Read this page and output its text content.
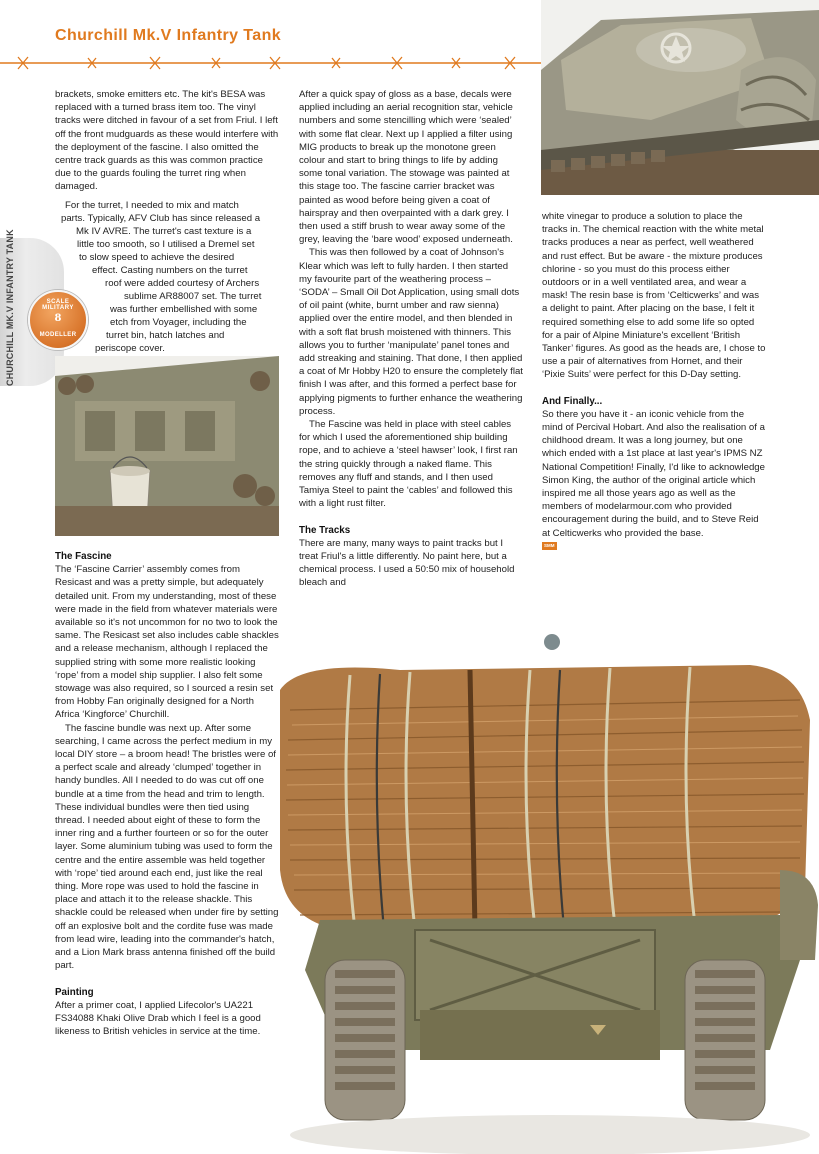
Churchill Mk.V Infantry Tank
CHURCHILL MK.V INFANTRY TANK	SCALE MILITARY
8
MODELLER

brackets, smoke emitters etc. The kit's BESA was replaced with a turned brass item too. The vinyl tracks were ditched in favour of a set from Friul. I left off the front mudguards as these would interfere with the deployment of the fascine. I also omitted the centre track guards as this was common practice due to the guards fouling the turret ring when damaged.

For the turret, I needed to mix and match
parts. Typically, AFV Club has since released a
Mk IV AVRE. The turret's cast texture is a
little too smooth, so I utilised a Dremel set
to slow speed to achieve the desired
effect. Casting numbers on the turret
roof were added courtesy of Archers
sublime AR88007 set. The turret
was further embellished with some
etch from Voyager, including the
turret bin, hatch latches and
periscope cover.
The Fascine

The ‘Fascine Carrier’ assembly comes from Resicast and was a pretty simple, but adequately detailed unit. From my understanding, most of these were made in the field from whatever materials were available so it's not uncommon for no two to look the same. The Resicast set also includes cable shackles and a release mechanism, although I replaced the supplied string with some more realistic looking ‘rope’ from a model ship supplier. I also felt some stowage was also required, so I sourced a resin set from Hobby Fan originally designed for a North Africa ‘Kingforce’ Churchill.

The fascine bundle was next up. After some searching, I came across the perfect medium in my local DIY store – a broom head! The bristles were of a perfect scale and already ‘clumped’ together in handy bundles. All I needed to do was cut off one bundle at a time from the head and trim to length. These individual bundles were then tied using thread. I needed about eight of these to form the inner ring and a further fourteen or so for the outer layer. Some aluminium tubing was used to form the centre and the entire assemble was held together with ‘rope’ tied around each end, just like the real thing. More rope was used to hold the fascine in place and attach it to the release shackle. This shackle could be released when under fire by setting off an explosive bolt and the cordite fuse was made from lead wire, leading into the commander's hatch, and a Lion Mark brass antenna finished off the build part.

Painting

After a primer coat, I applied Lifecolor's UA221 FS34088 Khaki Olive Drab which I feel is a good likeness to British vehicles in service at the time.

After a quick spay of gloss as a base, decals were applied including an aerial recognition star, vehicle numbers and some stencilling which were ‘sealed’ with some flat clear. Next up I applied a filter using MIG products to break up the monotone green colour and start to bring things to life by adding some tonal variation. The stowage was painted at this stage too. The fascine carrier bracket was painted as wood before being given a coat of hairspray and then overpainted with a dark grey. I then used a stiff brush to wear away some of the grey, leaving the ‘bare wood’ exposed underneath.

This was then followed by a coat of Johnson's Klear which was left to fully harden. I then started my favourite part of the weathering process – ‘SODA’ – Small Oil Dot Application, using small dots of oil paint (white, burnt umber and raw sienna) applied over the entire model, and then blended in with a soft flat brush moistened with thinners. This allows you to further ‘manipulate’ panel tones and add streaking and staining. That done, I then applied a coat of Mr Hobby H20 to ensure the completely flat finish I was after, and this formed a perfect base for applying pigments to further enhance the weathering process.

The Fascine was held in place with steel cables for which I used the aforementioned ship building rope, and to achieve a ‘steel hawser’ look, I first ran the string quickly through a naked flame. This removes any fluff and stands, and I then used Tamiya Steel to paint the ‘cables’ and followed this with a light rust filter.

The Tracks

There are many, many ways to paint tracks but I treat Friul's a little differently. No paint here, but a chemical process. I used a 50:50 mix of household bleach and

white vinegar to produce a solution to place the tracks in. The chemical reaction with the white metal tracks produces a near as perfect, well weathered and rust effect. But be aware - the mixture produces chlorine - so you must do this process either outdoors or in a well ventilated area, and wear a mask! The resin base is from ‘Celticwerks’ and was a delight to paint. After placing on the base, I felt it required something else to add some life so opted for a pair of Alpine Miniature's excellent ‘British Tanker’ figures. As good as the heads are, I chose to use a pair of alternatives from Hornet, and their ‘Pixie Suits’ were perfect for this D-Day setting.

And Finally...

So there you have it - an iconic vehicle from the mind of Percival Hobart. And also the realisation of a childhood dream. It was a long journey, but one which ended with a 1st place at last year's IPMS NZ National Competition! Finally, I'd like to acknowledge Simon King, the author of the original article which inspired me all those years ago as well as the members of modelarmour.com who provided encouragement during the build, and to Steve Reid at Celticwerks who provided the base.

SMM
